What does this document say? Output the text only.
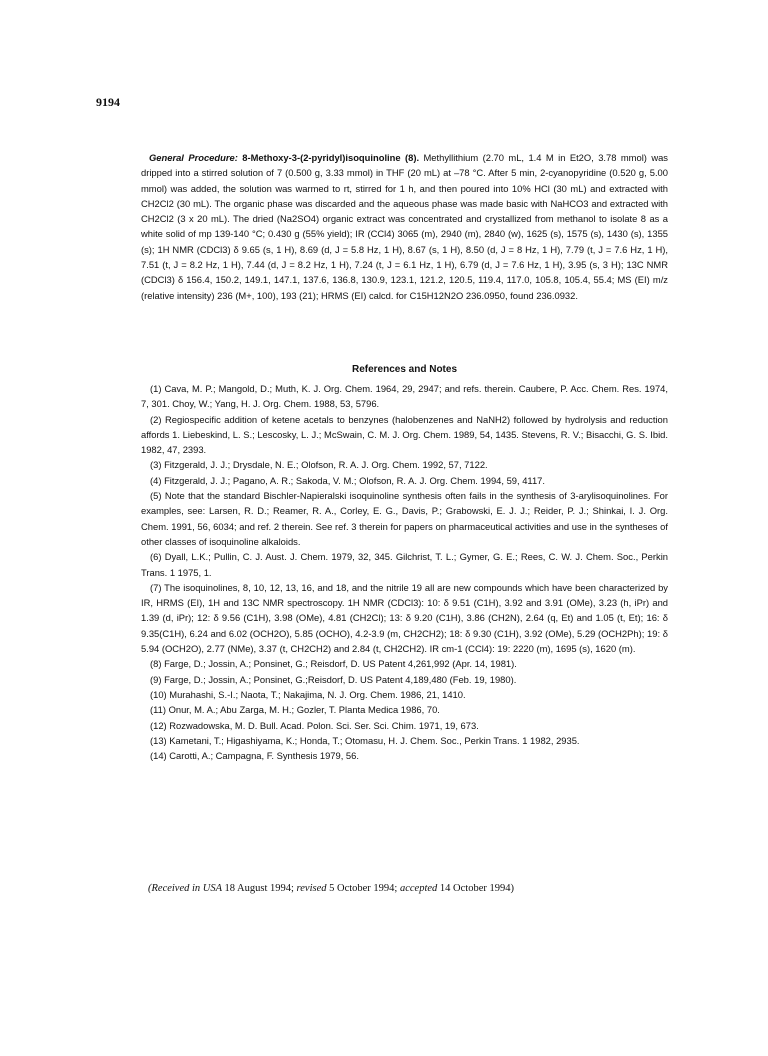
9194

General Procedure: 8-Methoxy-3-(2-pyridyl)isoquinoline (8). Methyllithium (2.70 mL, 1.4 M in Et2O, 3.78 mmol) was dripped into a stirred solution of 7 (0.500 g, 3.33 mmol) in THF (20 mL) at –78 °C. After 5 min, 2-cyanopyridine (0.520 g, 5.00 mmol) was added, the solution was warmed to rt, stirred for 1 h, and then poured into 10% HCl (30 mL) and extracted with CH2Cl2 (30 mL). The organic phase was discarded and the aqueous phase was made basic with NaHCO3 and extracted with CH2Cl2 (3 x 20 mL). The dried (Na2SO4) organic extract was concentrated and crystallized from methanol to isolate 8 as a white solid of mp 139-140 °C; 0.430 g (55% yield); IR (CCl4) 3065 (m), 2940 (m), 2840 (w), 1625 (s), 1575 (s), 1430 (s), 1355 (s); 1H NMR (CDCl3) δ 9.65 (s, 1 H), 8.69 (d, J = 5.8 Hz, 1 H), 8.67 (s, 1 H), 8.50 (d, J = 8 Hz, 1 H), 7.79 (t, J = 7.6 Hz, 1 H), 7.51 (t, J = 8.2 Hz, 1 H), 7.44 (d, J = 8.2 Hz, 1 H), 7.24 (t, J = 6.1 Hz, 1 H), 6.79 (d, J = 7.6 Hz, 1 H), 3.95 (s, 3 H); 13C NMR (CDCl3) δ 156.4, 150.2, 149.1, 147.1, 137.6, 136.8, 130.9, 123.1, 121.2, 120.5, 119.4, 117.0, 105.8, 105.4, 55.4; MS (EI) m/z (relative intensity) 236 (M+, 100), 193 (21); HRMS (EI) calcd. for C15H12N2O 236.0950, found 236.0932.

References and Notes

(1) Cava, M. P.; Mangold, D.; Muth, K. J. Org. Chem. 1964, 29, 2947; and refs. therein. Caubere, P. Acc. Chem. Res. 1974, 7, 301. Choy, W.; Yang, H. J. Org. Chem. 1988, 53, 5796.

(2) Regiospecific addition of ketene acetals to benzynes (halobenzenes and NaNH2) followed by hydrolysis and reduction affords 1. Liebeskind, L. S.; Lescosky, L. J.; McSwain, C. M. J. Org. Chem. 1989, 54, 1435. Stevens, R. V.; Bisacchi, G. S. Ibid. 1982, 47, 2393.

(3) Fitzgerald, J. J.; Drysdale, N. E.; Olofson, R. A. J. Org. Chem. 1992, 57, 7122.

(4) Fitzgerald, J. J.; Pagano, A. R.; Sakoda, V. M.; Olofson, R. A. J. Org. Chem. 1994, 59, 4117.

(5) Note that the standard Bischler-Napieralski isoquinoline synthesis often fails in the synthesis of 3-arylisoquinolines. For examples, see: Larsen, R. D.; Reamer, R. A., Corley, E. G., Davis, P.; Grabowski, E. J. J.; Reider, P. J.; Shinkai, I. J. Org. Chem. 1991, 56, 6034; and ref. 2 therein. See ref. 3 therein for papers on pharmaceutical activities and use in the syntheses of other classes of isoquinoline alkaloids.

(6) Dyall, L.K.; Pullin, C. J. Aust. J. Chem. 1979, 32, 345. Gilchrist, T. L.; Gymer, G. E.; Rees, C. W. J. Chem. Soc., Perkin Trans. 1 1975, 1.

(7) The isoquinolines, 8, 10, 12, 13, 16, and 18, and the nitrile 19 all are new compounds which have been characterized by IR, HRMS (EI), 1H and 13C NMR spectroscopy. 1H NMR (CDCl3): 10: δ 9.51 (C1H), 3.92 and 3.91 (OMe), 3.23 (h, iPr) and 1.39 (d, iPr); 12: δ 9.56 (C1H), 3.98 (OMe), 4.81 (CH2Cl); 13: δ 9.20 (C1H), 3.86 (CH2N), 2.64 (q, Et) and 1.05 (t, Et); 16: δ 9.35(C1H), 6.24 and 6.02 (OCH2O), 5.85 (OCHO), 4.2-3.9 (m, CH2CH2); 18: δ 9.30 (C1H), 3.92 (OMe), 5.29 (OCH2Ph); 19: δ 5.94 (OCH2O), 2.77 (NMe), 3.37 (t, CH2CH2) and 2.84 (t, CH2CH2). IR cm-1 (CCl4): 19: 2220 (m), 1695 (s), 1620 (m).

(8) Farge, D.; Jossin, A.; Ponsinet, G.; Reisdorf, D. US Patent 4,261,992 (Apr. 14, 1981).

(9) Farge, D.; Jossin, A.; Ponsinet, G.;Reisdorf, D. US Patent 4,189,480 (Feb. 19, 1980).

(10) Murahashi, S.-I.; Naota, T.; Nakajima, N. J. Org. Chem. 1986, 21, 1410.

(11) Onur, M. A.; Abu Zarga, M. H.; Gozler, T. Planta Medica 1986, 70.

(12) Rozwadowska, M. D. Bull. Acad. Polon. Sci. Ser. Sci. Chim. 1971, 19, 673.

(13) Kametani, T.; Higashiyama, K.; Honda, T.; Otomasu, H. J. Chem. Soc., Perkin Trans. 1 1982, 2935.

(14) Carotti, A.; Campagna, F. Synthesis 1979, 56.

(Received in USA 18 August 1994; revised 5 October 1994; accepted 14 October 1994)
